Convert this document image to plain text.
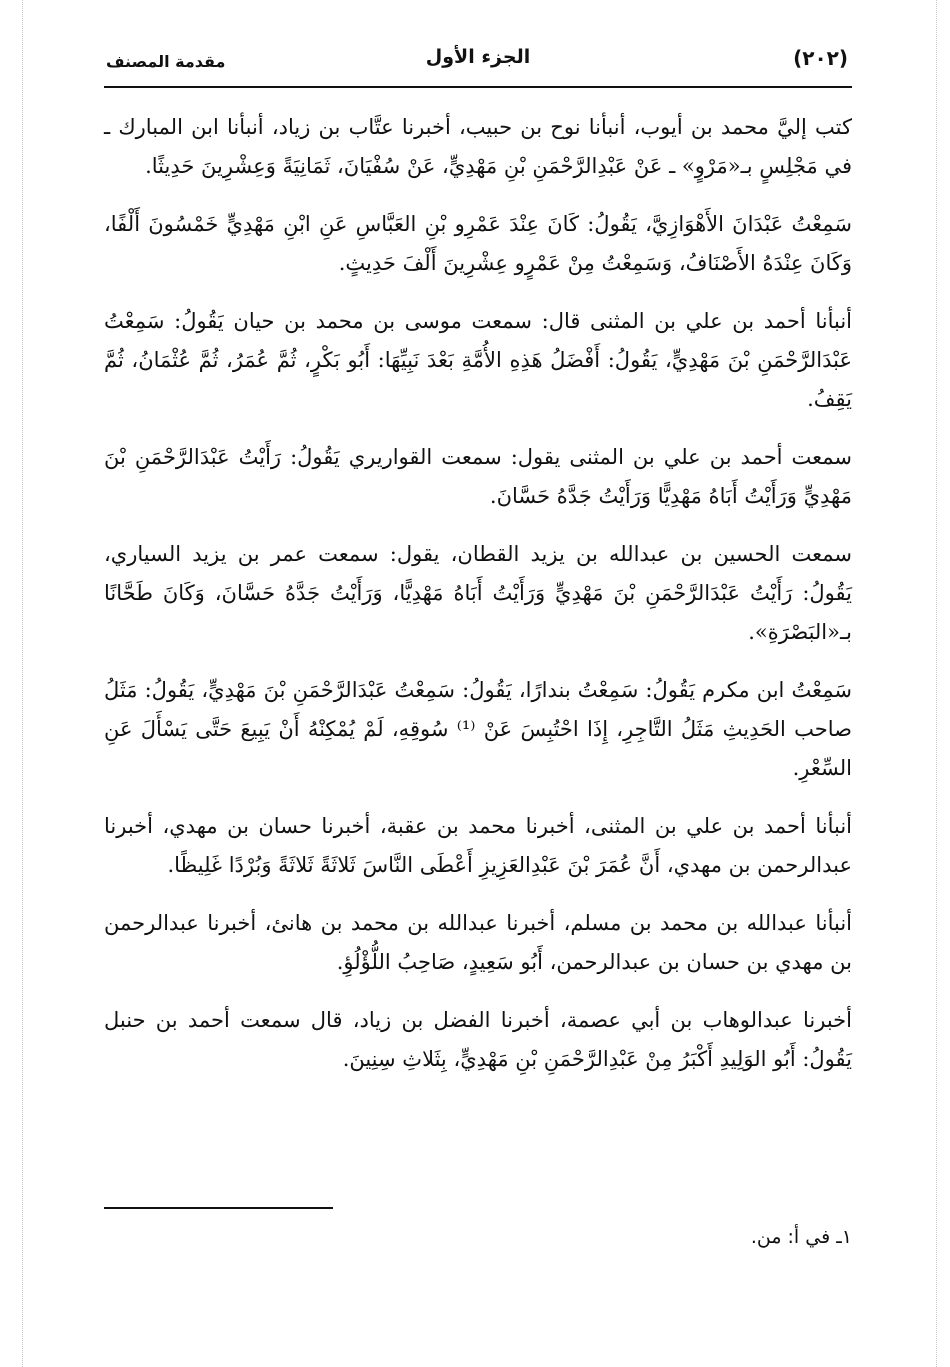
(٢٠٢)
الجزء الأول
مقدمة المصنف

كتب إليَّ محمد بن أيوب، أنبأنا نوح بن حبيب، أخبرنا عتَّاب بن زياد، أنبأنا ابن المبارك ـ في مَجْلِسٍ بـ«مَرْوٍ» ـ عَنْ عَبْدِالرَّحْمَنِ بْنِ مَهْدِيٍّ، عَنْ سُفْيَانَ، ثَمَانِيَةً وَعِشْرِينَ حَدِيثًا.

سَمِعْتُ عَبْدَانَ الأَهْوَازِيَّ، يَقُولُ: كَانَ عِنْدَ عَمْرِو بْنِ العَبَّاسِ عَنِ ابْنِ مَهْدِيٍّ خَمْسُونَ أَلْفًا، وَكَانَ عِنْدَهُ الأَصْنَافُ، وَسَمِعْتُ مِنْ عَمْرٍو عِشْرِينَ أَلْفَ حَدِيثٍ.

أنبأنا أحمد بن علي بن المثنى قال: سمعت موسى بن محمد بن حيان يَقُولُ: سَمِعْتُ عَبْدَالرَّحْمَنِ بْنَ مَهْدِيٍّ، يَقُولُ: أَفْضَلُ هَذِهِ الأُمَّةِ بَعْدَ نَبِيِّهَا: أَبُو بَكْرٍ، ثُمَّ عُمَرُ، ثُمَّ عُثْمَانُ، ثُمَّ يَقِفُ.

سمعت أحمد بن علي بن المثنى يقول: سمعت القواريري يَقُولُ: رَأَيْتُ عَبْدَالرَّحْمَنِ بْنَ مَهْدِيٍّ وَرَأَيْتُ أَبَاهُ مَهْدِيًّا وَرَأَيْتُ جَدَّهُ حَسَّانَ.

سمعت الحسين بن عبدالله بن يزيد القطان، يقول: سمعت عمر بن يزيد السياري، يَقُولُ: رَأَيْتُ عَبْدَالرَّحْمَنِ بْنَ مَهْدِيٍّ وَرَأَيْتُ أَبَاهُ مَهْدِيًّا، وَرَأَيْتُ جَدَّهُ حَسَّانَ، وَكَانَ طَحَّانًا بـ«البَصْرَةِ».

سَمِعْتُ ابن مكرم يَقُولُ: سَمِعْتُ بندارًا، يَقُولُ: سَمِعْتُ عَبْدَالرَّحْمَنِ بْنَ مَهْدِيٍّ، يَقُولُ: مَثَلُ صاحب الحَدِيثِ مَثَلُ التَّاجِرِ، إِذَا احْتُبِسَ عَنْ ⁽¹⁾ سُوقِهِ، لَمْ يُمْكِنْهُ أَنْ يَبِيعَ حَتَّى يَسْأَلَ عَنِ السِّعْرِ.

أنبأنا أحمد بن علي بن المثنى، أخبرنا محمد بن عقبة، أخبرنا حسان بن مهدي، أخبرنا عبدالرحمن بن مهدي، أَنَّ عُمَرَ بْنَ عَبْدِالعَزِيزِ أَعْطَى النَّاسَ ثَلاثَةً ثَلاثَةً وَبُرْدًا غَلِيظًا.

أنبأنا عبدالله بن محمد بن مسلم، أخبرنا عبدالله بن محمد بن هانئ، أخبرنا عبدالرحمن بن مهدي بن حسان بن عبدالرحمن، أَبُو سَعِيدٍ، صَاحِبُ اللُّؤْلُؤِ.

أخبرنا عبدالوهاب بن أبي عصمة، أخبرنا الفضل بن زياد، قال سمعت أحمد بن حنبل يَقُولُ: أَبُو الوَلِيدِ أَكْبَرُ مِنْ عَبْدِالرَّحْمَنِ بْنِ مَهْدِيٍّ، بِثَلاثِ سِنِينَ.

١ـ في أ: من.
